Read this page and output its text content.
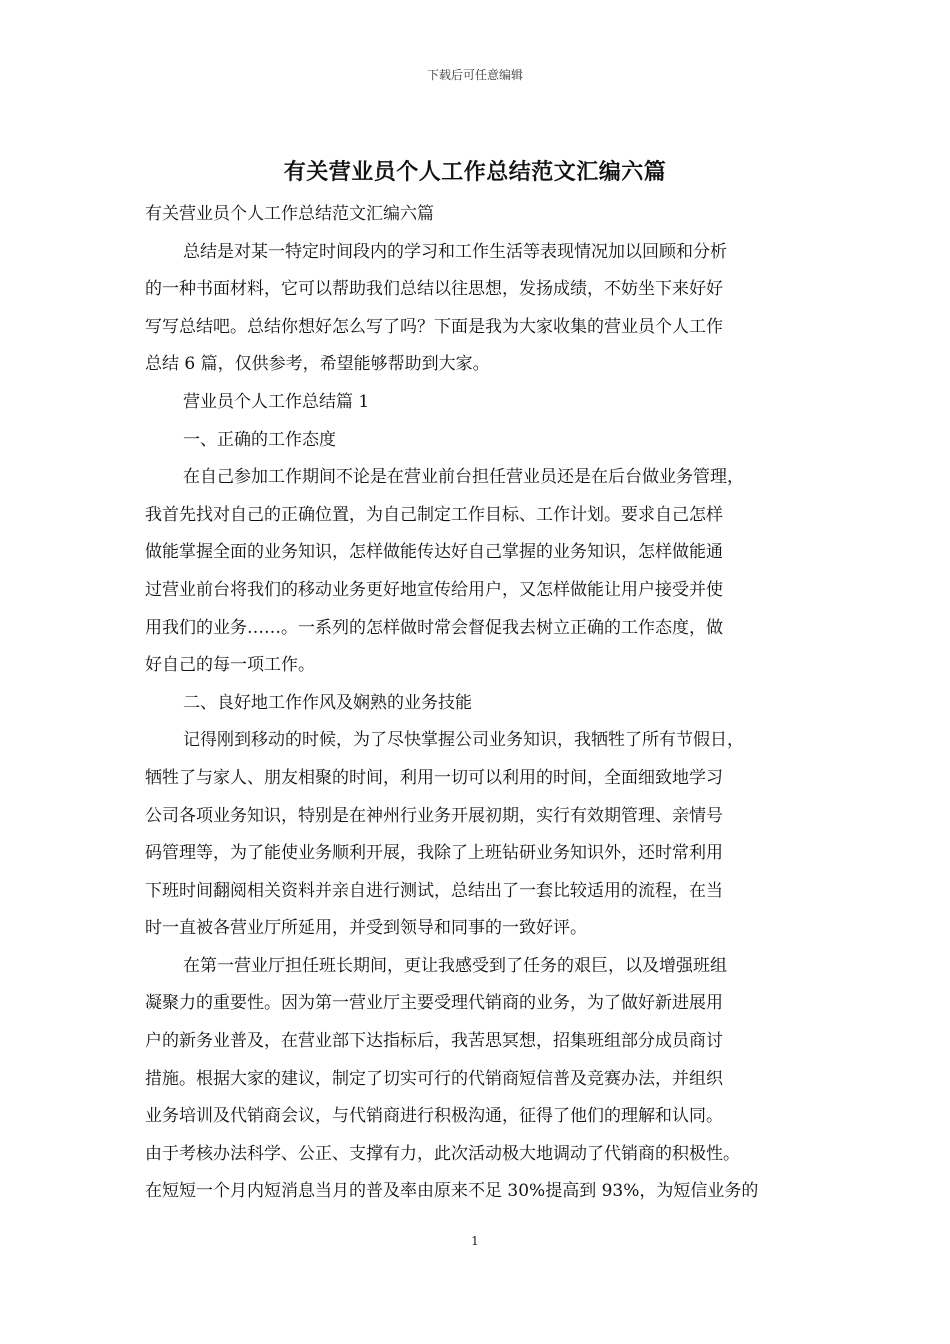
下载后可任意编辑
有关营业员个人工作总结范文汇编六篇
有关营业员个人工作总结范文汇编六篇
总结是对某一特定时间段内的学习和工作生活等表现情况加以回顾和分析
的一种书面材料，它可以帮助我们总结以往思想，发扬成绩，不妨坐下来好好
写写总结吧。总结你想好怎么写了吗？下面是我为大家收集的营业员个人工作
总结 6 篇，仅供参考，希望能够帮助到大家。
营业员个人工作总结篇 1
一、正确的工作态度
在自己参加工作期间不论是在营业前台担任营业员还是在后台做业务管理，
我首先找对自己的正确位置，为自己制定工作目标、工作计划。要求自己怎样
做能掌握全面的业务知识，怎样做能传达好自己掌握的业务知识，怎样做能通
过营业前台将我们的移动业务更好地宣传给用户，又怎样做能让用户接受并使
用我们的业务……。一系列的怎样做时常会督促我去树立正确的工作态度，做
好自己的每一项工作。
二、良好地工作作风及娴熟的业务技能
记得刚到移动的时候，为了尽快掌握公司业务知识，我牺牲了所有节假日，
牺牲了与家人、朋友相聚的时间，利用一切可以利用的时间，全面细致地学习
公司各项业务知识，特别是在神州行业务开展初期，实行有效期管理、亲情号
码管理等，为了能使业务顺利开展，我除了上班钻研业务知识外，还时常利用
下班时间翻阅相关资料并亲自进行测试，总结出了一套比较适用的流程，在当
时一直被各营业厅所延用，并受到领导和同事的一致好评。
在第一营业厅担任班长期间，更让我感受到了任务的艰巨，以及增强班组
凝聚力的重要性。因为第一营业厅主要受理代销商的业务，为了做好新进展用
户的新务业普及，在营业部下达指标后，我苦思冥想，招集班组部分成员商讨
措施。根据大家的建议，制定了切实可行的代销商短信普及竞赛办法，并组织
业务培训及代销商会议，与代销商进行积极沟通，征得了他们的理解和认同。
由于考核办法科学、公正、支撑有力，此次活动极大地调动了代销商的积极性。
在短短一个月内短消息当月的普及率由原来不足 30%提高到 93%，为短信业务的
1
